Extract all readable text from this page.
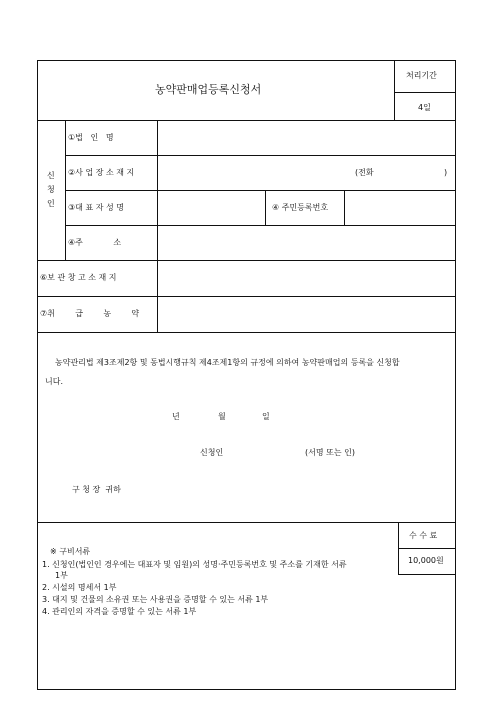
농약판매업등록신청서
처리기간
4일
신
청
인
①법   인   명
②사 업 장 소 재 지	(전화	)
③대 표 자 성 명	④ 주민등록번호
④주            소
⑥보 관 창 고 소 재 지
⑦취        급        농        약
농약관리법 제3조제2항 및 동법시행규칙 제4조제1항의 규정에 의하여 농약판매업의 등록을 신청합
니다.
년	월	일
신청인	(서명 또는 인)
구 청 장  귀하
※ 구비서류
1. 신청인(법인인 경우에는 대표자 및 임원)의 성명·주민등록번호 및 주소를 기재한 서류
1부
2. 시설의 명세서 1부
3. 대지 및 건물의 소유권 또는 사용권을 증명할 수 있는 서류 1부
4. 관리인의 자격을 증명할 수 있는 서류 1부
수 수 료
10,000원
